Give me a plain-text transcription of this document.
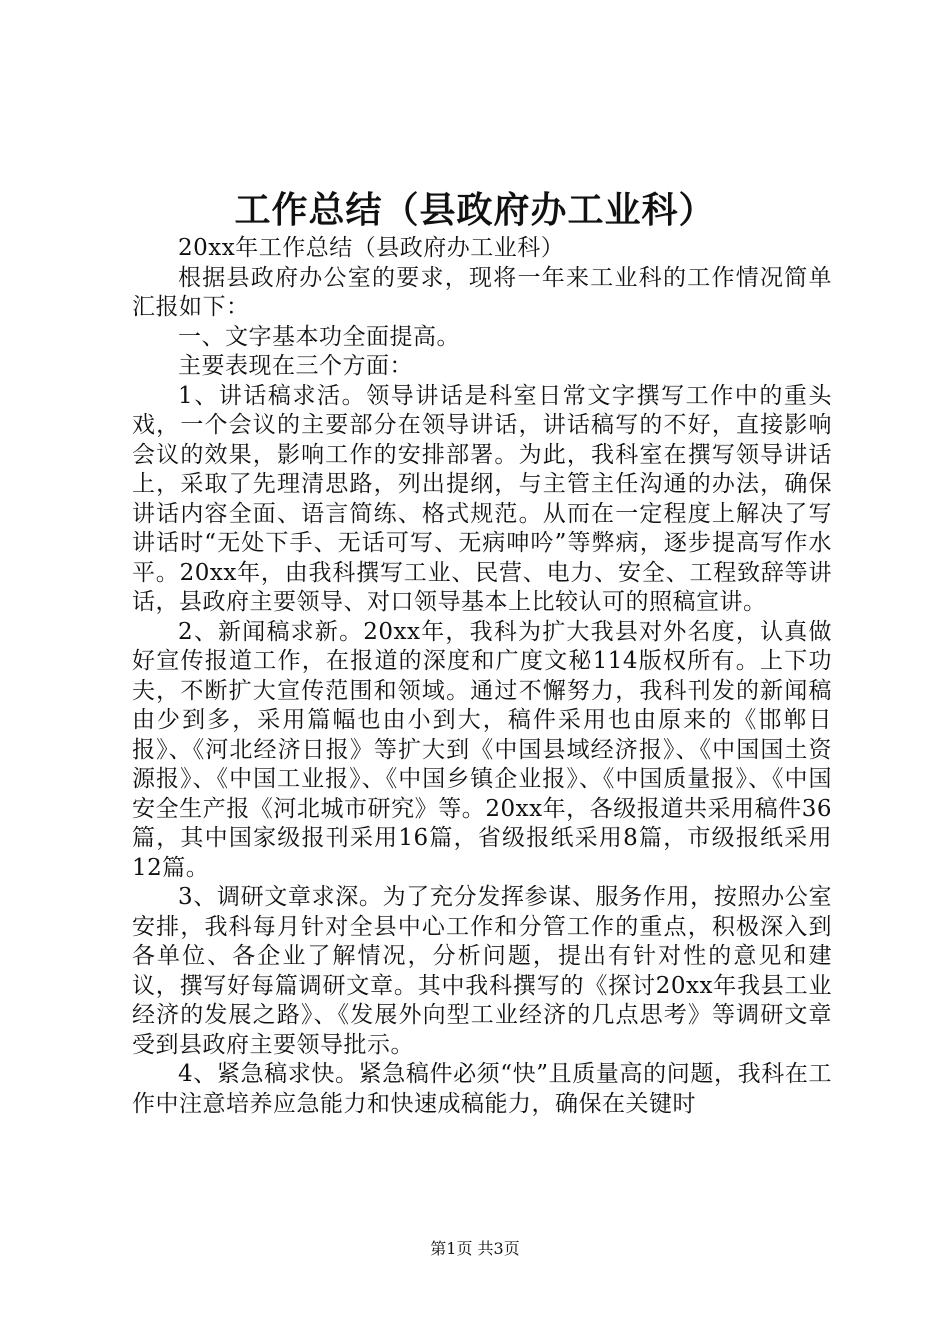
工作总结（县政府办工业科）

20xx年工作总结（县政府办工业科）

根据县政府办公室的要求，现将一年来工业科的工作情况简单汇报如下：

一、文字基本功全面提高。

主要表现在三个方面：

1、讲话稿求活。领导讲话是科室日常文字撰写工作中的重头戏，一个会议的主要部分在领导讲话，讲话稿写的不好，直接影响会议的效果，影响工作的安排部署。为此，我科室在撰写领导讲话上，采取了先理清思路，列出提纲，与主管主任沟通的办法，确保讲话内容全面、语言简练、格式规范。从而在一定程度上解决了写讲话时“无处下手、无话可写、无病呻吟”等弊病，逐步提高写作水平。20xx年，由我科撰写工业、民营、电力、安全、工程致辞等讲话，县政府主要领导、对口领导基本上比较认可的照稿宣讲。

2、新闻稿求新。20xx年，我科为扩大我县对外名度，认真做好宣传报道工作，在报道的深度和广度文秘114版权所有。上下功夫，不断扩大宣传范围和领域。通过不懈努力，我科刊发的新闻稿由少到多，采用篇幅也由小到大，稿件采用也由原来的《邯郸日报》、《河北经济日报》等扩大到《中国县域经济报》、《中国国土资源报》、《中国工业报》、《中国乡镇企业报》、《中国质量报》、《中国安全生产报《河北城市研究》等。20xx年，各级报道共采用稿件36篇，其中国家级报刊采用16篇，省级报纸采用8篇，市级报纸采用12篇。

3、调研文章求深。为了充分发挥参谋、服务作用，按照办公室安排，我科每月针对全县中心工作和分管工作的重点，积极深入到各单位、各企业了解情况，分析问题，提出有针对性的意见和建议，撰写好每篇调研文章。其中我科撰写的《探讨20xx年我县工业经济的发展之路》、《发展外向型工业经济的几点思考》等调研文章受到县政府主要领导批示。

4、紧急稿求快。紧急稿件必须“快”且质量高的问题，我科在工作中注意培养应急能力和快速成稿能力，确保在关键时

第1页 共3页
